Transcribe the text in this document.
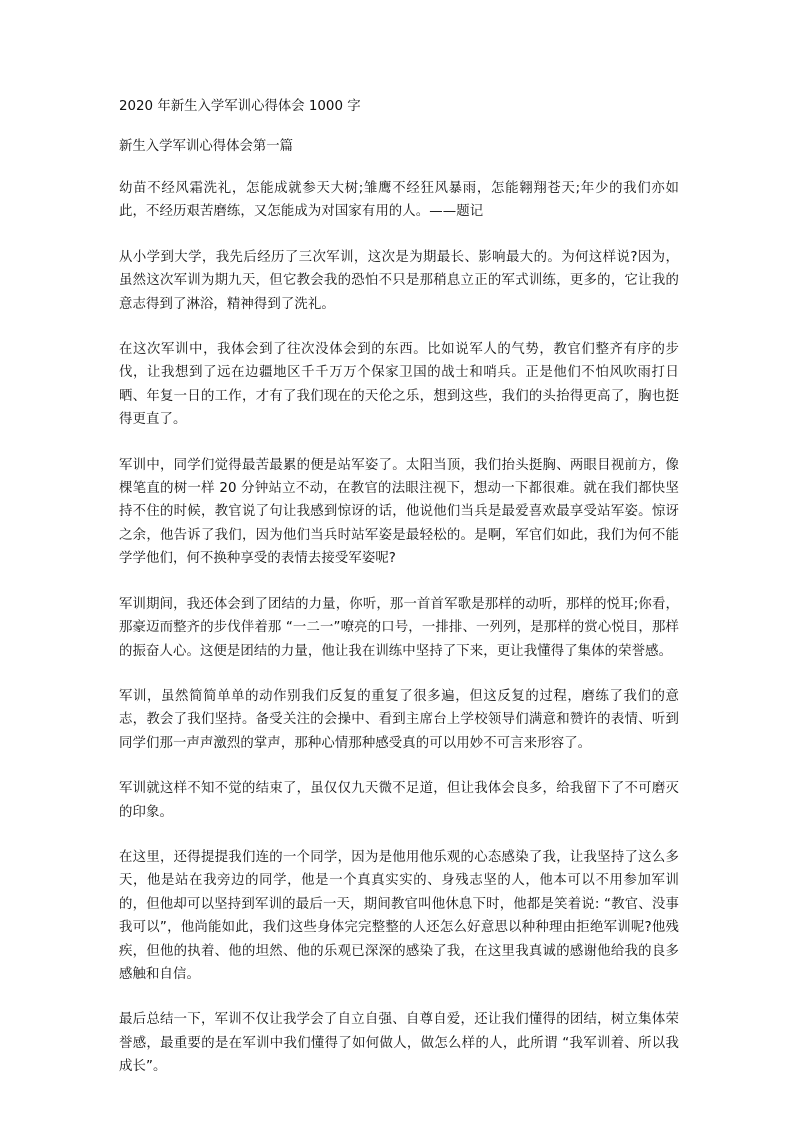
2020 年新生入学军训心得体会 1000 字
新生入学军训心得体会第一篇

幼苗不经风霜洗礼，怎能成就参天大树;雏鹰不经狂风暴雨，怎能翱翔苍天;年少的我们亦如此，不经历艰苦磨练，又怎能成为对国家有用的人。——题记

从小学到大学，我先后经历了三次军训，这次是为期最长、影响最大的。为何这样说?因为，虽然这次军训为期九天，但它教会我的恐怕不只是那稍息立正的军式训练，更多的，它让我的意志得到了淋浴，精神得到了洗礼。

在这次军训中，我体会到了往次没体会到的东西。比如说军人的气势，教官们整齐有序的步伐，让我想到了远在边疆地区千千万万个保家卫国的战士和哨兵。正是他们不怕风吹雨打日晒、年复一日的工作，才有了我们现在的天伦之乐，想到这些，我们的头抬得更高了，胸也挺得更直了。

军训中，同学们觉得最苦最累的便是站军姿了。太阳当顶，我们抬头挺胸、两眼目视前方，像棵笔直的树一样 20 分钟站立不动，在教官的法眼注视下，想动一下都很难。就在我们都快坚持不住的时候，教官说了句让我感到惊讶的话，他说他们当兵是最爱喜欢最享受站军姿。惊讶之余，他告诉了我们，因为他们当兵时站军姿是最轻松的。是啊，军官们如此，我们为何不能学学他们，何不换种享受的表情去接受军姿呢?

军训期间，我还体会到了团结的力量，你听，那一首首军歌是那样的动听，那样的悦耳;你看，那豪迈而整齐的步伐伴着那 “一二一”嘹亮的口号，一排排、一列列，是那样的赏心悦目，那样的振奋人心。这便是团结的力量，他让我在训练中坚持了下来，更让我懂得了集体的荣誉感。

军训，虽然简简单单的动作别我们反复的重复了很多遍，但这反复的过程，磨练了我们的意志，教会了我们坚持。备受关注的会操中、看到主席台上学校领导们满意和赞许的表情、听到同学们那一声声激烈的掌声，那种心情那种感受真的可以用妙不可言来形容了。

军训就这样不知不觉的结束了，虽仅仅九天微不足道，但让我体会良多，给我留下了不可磨灭的印象。

在这里，还得提提我们连的一个同学，因为是他用他乐观的心态感染了我，让我坚持了这么多天，他是站在我旁边的同学，他是一个真真实实的、身残志坚的人，他本可以不用参加军训的，但他却可以坚持到军训的最后一天，期间教官叫他休息下时，他都是笑着说: “教官、没事我可以”，他尚能如此，我们这些身体完完整整的人还怎么好意思以种种理由拒绝军训呢?他残疾，但他的执着、他的坦然、他的乐观已深深的感染了我，在这里我真诚的感谢他给我的良多感触和自信。

最后总结一下，军训不仅让我学会了自立自强、自尊自爱，还让我们懂得的团结，树立集体荣誉感，最重要的是在军训中我们懂得了如何做人，做怎么样的人，此所谓 “我军训着、所以我成长”。
